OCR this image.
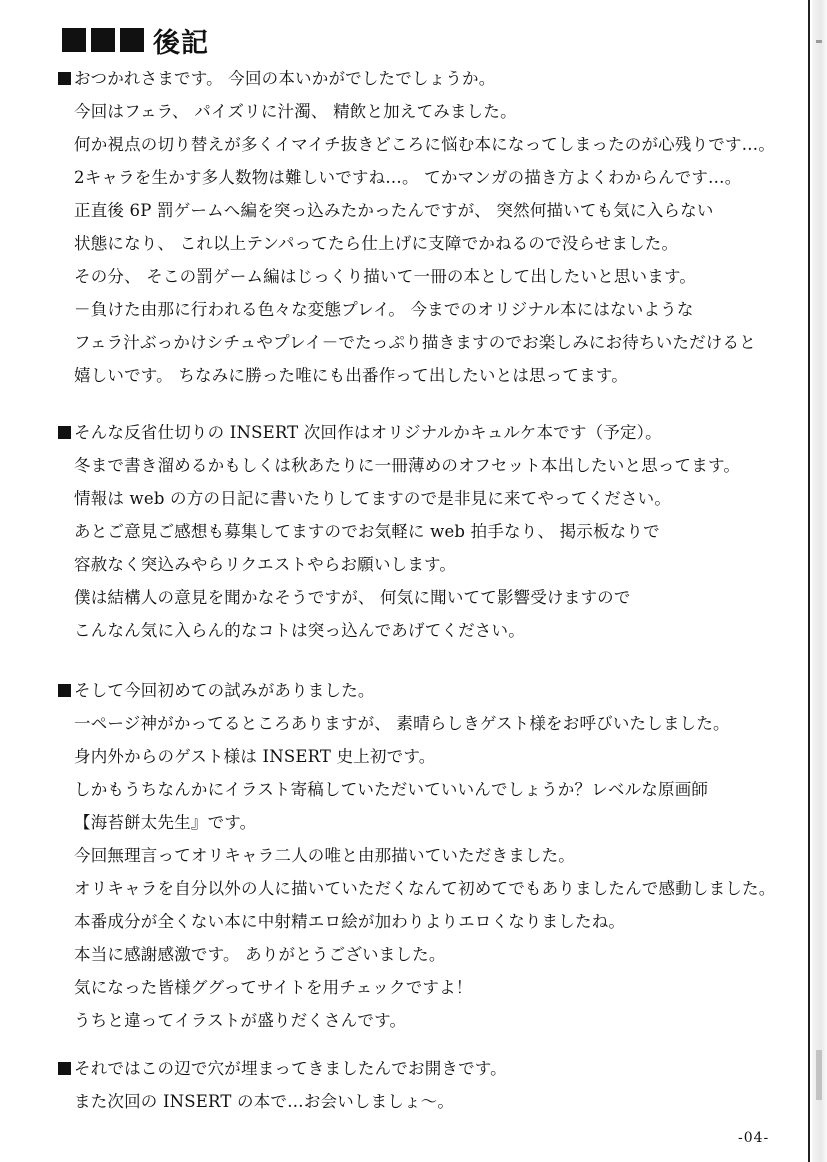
後記
おつかれさまです。 今回の本いかがでしたでしょうか。
今回はフェラ、 パイズリに汁濁、 精飲と加えてみました。
何か視点の切り替えが多くイマイチ抜きどころに悩む本になってしまったのが心残りです…。
2キャラを生かす多人数物は難しいですね…。 てかマンガの描き方よくわからんです…。
正直後 6P 罰ゲームへ編を突っ込みたかったんですが、 突然何描いても気に入らない
状態になり、 これ以上テンパってたら仕上げに支障でかねるので没らせました。
その分、 そこの罰ゲーム編はじっくり描いて一冊の本として出したいと思います。
－負けた由那に行われる色々な変態プレイ。 今までのオリジナル本にはないような
フェラ汁ぶっかけシチュやプレイ－でたっぷり描きますのでお楽しみにお待ちいただけると
嬉しいです。 ちなみに勝った唯にも出番作って出したいとは思ってます。
そんな反省仕切りの INSERT 次回作はオリジナルかキュルケ本です（予定）。
冬まで書き溜めるかもしくは秋あたりに一冊薄めのオフセット本出したいと思ってます。
情報は web の方の日記に書いたりしてますので是非見に来てやってください。
あとご意見ご感想も募集してますのでお気軽に web 拍手なり、 掲示板なりで
容赦なく突込みやらリクエストやらお願いします。
僕は結構人の意見を聞かなそうですが、 何気に聞いてて影響受けますので
こんなん気に入らん的なコトは突っ込んであげてください。
そして今回初めての試みがありました。
一ページ神がかってるところありますが、 素晴らしきゲスト様をお呼びいたしました。
身内外からのゲスト様は INSERT 史上初です。
しかもうちなんかにイラスト寄稿していただいていいんでしょうか？レベルな原画師
【海苔餅太先生』です。
今回無理言ってオリキャラ二人の唯と由那描いていただきました。
オリキャラを自分以外の人に描いていただくなんて初めてでもありましたんで感動しました。
本番成分が全くない本に中射精エロ絵が加わりよりエロくなりましたね。
本当に感謝感激です。 ありがとうございました。
気になった皆様ググってサイトを用チェックですよ！
うちと違ってイラストが盛りだくさんです。
それではこの辺で穴が埋まってきましたんでお開きです。
また次回の INSERT の本で…お会いしましょ～。
-04-
